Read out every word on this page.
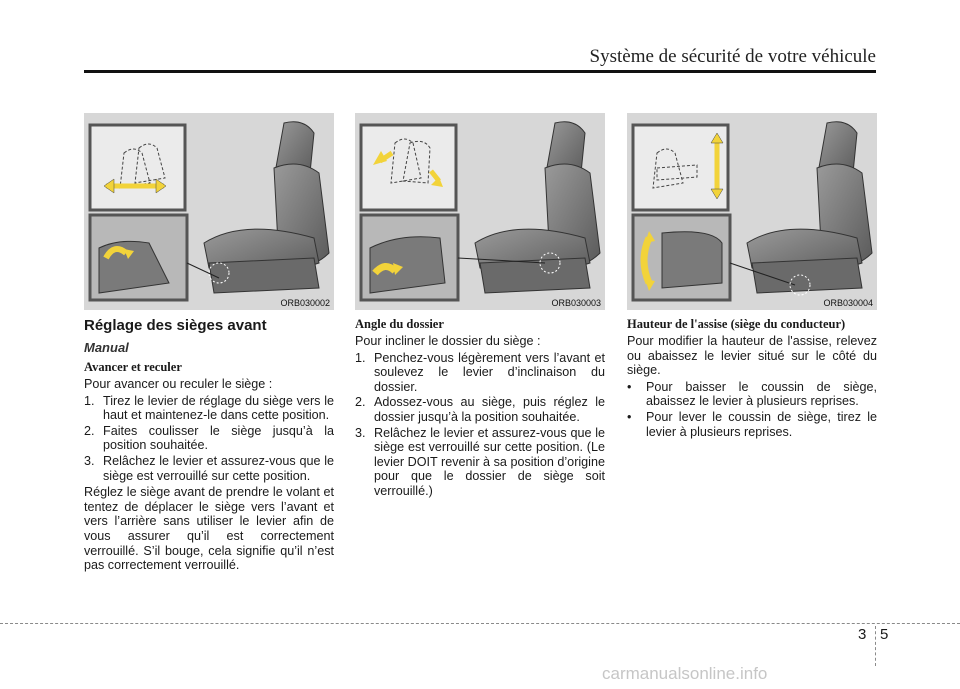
Système de sécurité de votre véhicule
ORB030002	ORB030003	ORB030004
Réglage des sièges avant
Manual
Avancer et reculer

Pour avancer ou reculer le siège :

1. Tirez le levier de réglage du siège vers le haut et maintenez-le dans cette position.
2. Faites coulisser le siège jusqu’à la position souhaitée.
3. Relâchez le levier et assurez-vous que le siège est verrouillé sur cette position.

Réglez le siège avant de prendre le volant et tentez de déplacer le siège vers l’avant et vers l’arrière sans utiliser le levier afin de vous assurer qu’il est correctement verrouillé. S’il bouge, cela signifie qu’il n’est pas correctement verrouillé.

Angle du dossier

Pour incliner le dossier du siège :

1. Penchez-vous légèrement vers l’avant et soulevez le levier d’inclinaison du dossier.
2. Adossez-vous au siège, puis réglez le dossier jusqu’à la position souhaitée.
3. Relâchez le levier et assurez-vous que le siège est verrouillé sur cette position. (Le levier DOIT revenir à sa position d’origine pour que le dossier de siège soit verrouillé.)
Hauteur de l'assise (siège du conducteur)

Pour modifier la hauteur de l'assise, relevez ou abaissez le levier situé sur le côté du siège.

• Pour baisser le coussin de siège, abaissez le levier à plusieurs reprises.
• Pour lever le coussin de siège, tirez le levier à plusieurs reprises.
3 5
carmanualsonline.info
